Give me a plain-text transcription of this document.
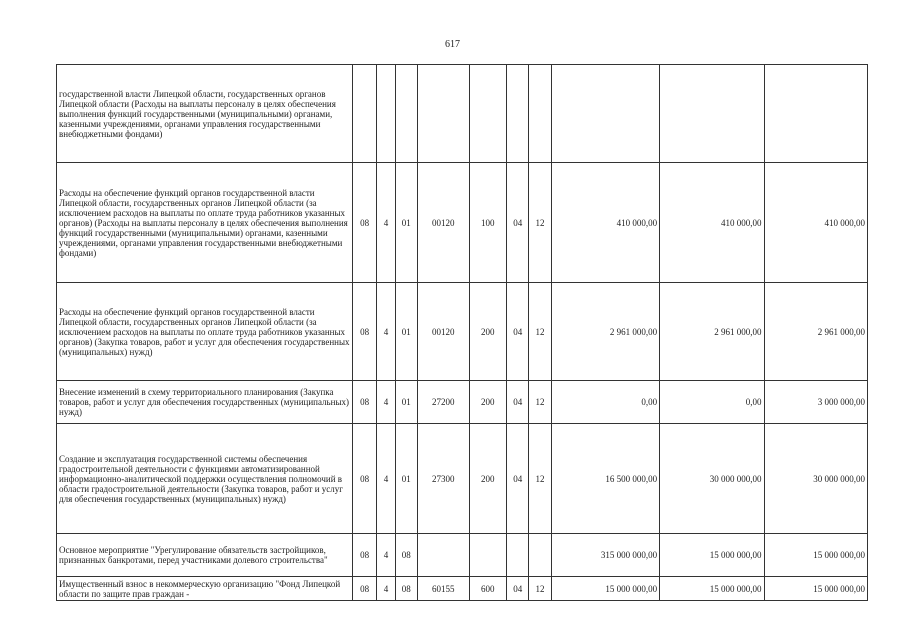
617
государственной власти Липецкой области, государственных органов Липецкой области (Расходы на выплаты персоналу в целях обеспечения выполнения функций государственными (муниципальными) органами, казенными учреждениями, органами управления государственными внебюджетными фондами)										
Расходы на обеспечение функций органов государственной власти Липецкой области, государственных органов Липецкой области (за исключением расходов на выплаты по оплате труда работников указанных органов) (Расходы на выплаты персоналу в целях обеспечения выполнения функций государственными (муниципальными) органами, казенными учреждениями, органами управления государственными внебюджетными фондами)	08	4	01	00120	100	04	12	410 000,00	410 000,00	410 000,00
Расходы на обеспечение функций органов государственной власти Липецкой области, государственных органов Липецкой области (за исключением расходов на выплаты по оплате труда работников указанных органов) (Закупка товаров, работ и услуг для обеспечения государственных (муниципальных) нужд)	08	4	01	00120	200	04	12	2 961 000,00	2 961 000,00	2 961 000,00
Внесение изменений в схему территориального планирования (Закупка товаров, работ и услуг для обеспечения государственных (муниципальных) нужд)	08	4	01	27200	200	04	12	0,00	0,00	3 000 000,00
Создание и эксплуатация государственной системы обеспечения градостроительной деятельности с функциями автоматизированной информационно-аналитической поддержки осуществления полномочий в области градостроительной деятельности (Закупка товаров, работ и услуг для обеспечения государственных (муниципальных) нужд)	08	4	01	27300	200	04	12	16 500 000,00	30 000 000,00	30 000 000,00
Основное мероприятие "Урегулирование обязательств застройщиков, признанных банкротами, перед участниками долевого строительства"	08	4	08					315 000 000,00	15 000 000,00	15 000 000,00
Имущественный взнос в некоммерческую организацию "Фонд Липецкой области по защите прав граждан -	08	4	08	60155	600	04	12	15 000 000,00	15 000 000,00	15 000 000,00
